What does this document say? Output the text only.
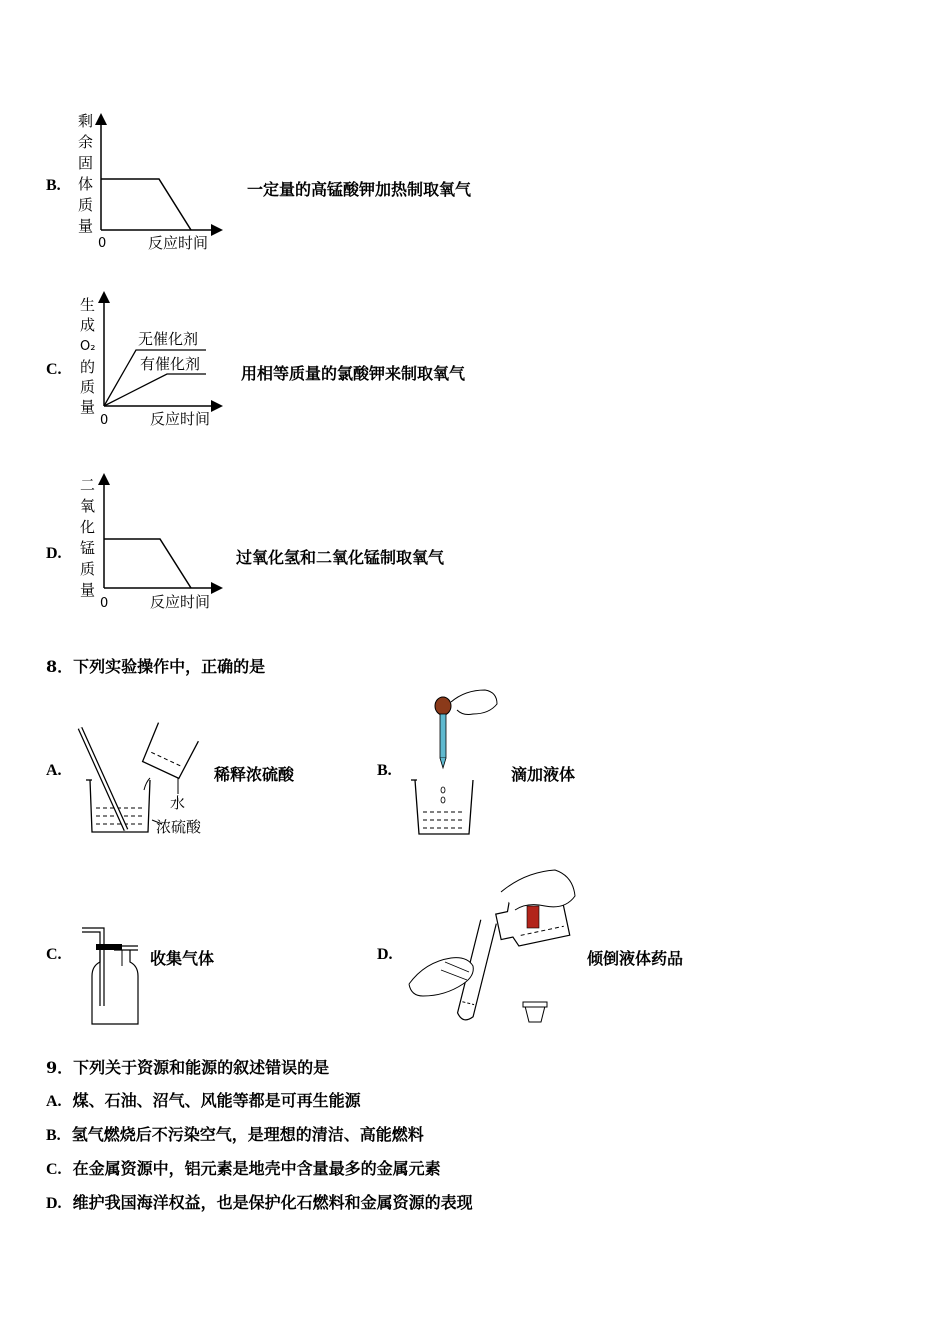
B.
剩
余
固
体
质
量
0	反应时间
一定量的高锰酸钾加热制取氧气
C.
生
成
O₂
的
质
量
0	反应时间
无催化剂
有催化剂	用相等质量的氯酸钾来制取氧气
D.
二
氧
化
锰
质
量
0	反应时间
过氧化氢和二氧化锰制取氧气
8．下列实验操作中，正确的是
A.
水
浓硫酸
稀释浓硫酸	B.	滴加液体
C.	收集气体	D.	倾倒液体药品
9．下列关于资源和能源的叙述错误的是
A. 煤、石油、沼气、风能等都是可再生能源
B. 氢气燃烧后不污染空气，是理想的清洁、高能燃料
C. 在金属资源中，铝元素是地壳中含量最多的金属元素
D. 维护我国海洋权益，也是保护化石燃料和金属资源的表现
